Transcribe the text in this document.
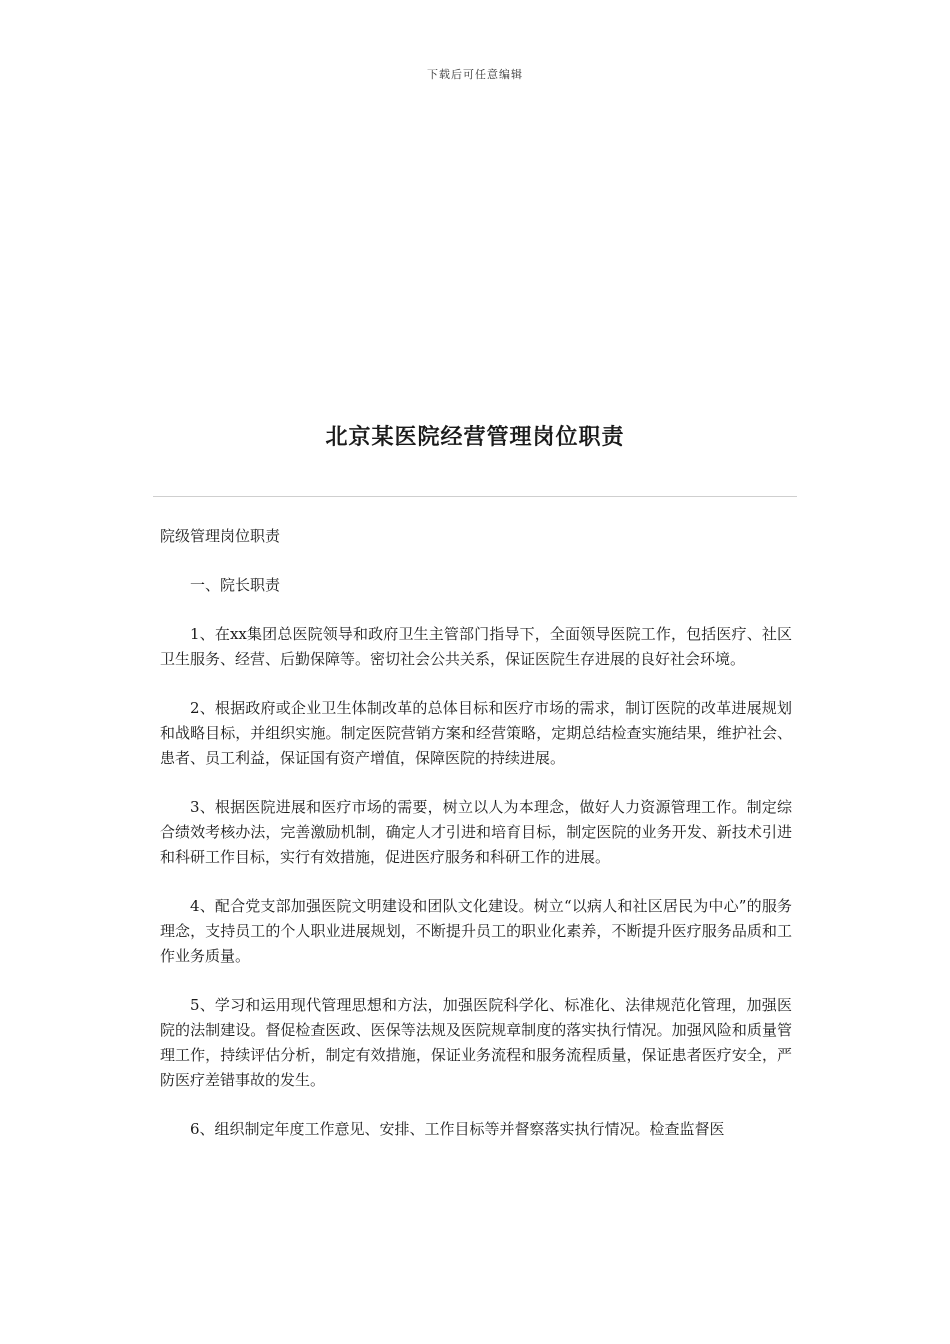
下载后可任意编辑
北京某医院经营管理岗位职责

院级管理岗位职责

一、院长职责

1、在xx集团总医院领导和政府卫生主管部门指导下，全面领导医院工作，包括医疗、社区卫生服务、经营、后勤保障等。密切社会公共关系，保证医院生存进展的良好社会环境。

2、根据政府或企业卫生体制改革的总体目标和医疗市场的需求，制订医院的改革进展规划和战略目标，并组织实施。制定医院营销方案和经营策略，定期总结检查实施结果，维护社会、患者、员工利益，保证国有资产增值，保障医院的持续进展。

3、根据医院进展和医疗市场的需要，树立以人为本理念，做好人力资源管理工作。制定综合绩效考核办法，完善激励机制，确定人才引进和培育目标，制定医院的业务开发、新技术引进和科研工作目标，实行有效措施，促进医疗服务和科研工作的进展。

4、配合党支部加强医院文明建设和团队文化建设。树立“以病人和社区居民为中心”的服务理念，支持员工的个人职业进展规划，不断提升员工的职业化素养，不断提升医疗服务品质和工作业务质量。

5、学习和运用现代管理思想和方法，加强医院科学化、标准化、法律规范化管理，加强医院的法制建设。督促检查医政、医保等法规及医院规章制度的落实执行情况。加强风险和质量管理工作，持续评估分析，制定有效措施，保证业务流程和服务流程质量，保证患者医疗安全，严防医疗差错事故的发生。

6、组织制定年度工作意见、安排、工作目标等并督察落实执行情况。检查监督医
